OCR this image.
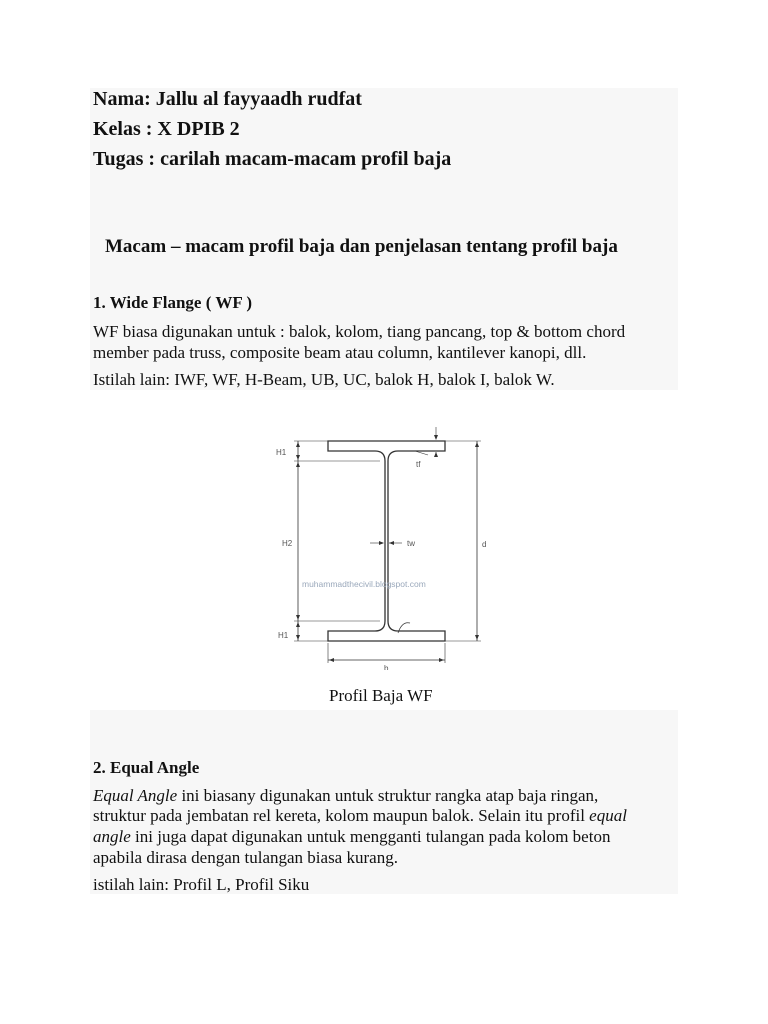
Nama: Jallu al fayyaadh rudfat
Kelas : X DPIB 2
Tugas : carilah macam-macam profil baja
Macam – macam profil baja dan penjelasan tentang profil baja
1. Wide Flange ( WF )
WF biasa digunakan untuk : balok, kolom, tiang pancang, top & bottom chord
member pada truss, composite beam atau column, kantilever kanopi, dll.
Istilah lain: IWF, WF, H-Beam, UB, UC, balok H, balok I, balok W.
H1
H2
H1
tf
tw	d
b
muhammadthecivil.blogspot.com
Profil Baja WF
2. Equal Angle
Equal Angle ini biasany digunakan untuk struktur rangka atap baja ringan,
struktur pada jembatan rel kereta, kolom maupun balok. Selain itu profil equal
angle ini juga dapat digunakan untuk mengganti tulangan pada kolom beton
apabila dirasa dengan tulangan biasa kurang.
istilah lain: Profil L, Profil Siku
